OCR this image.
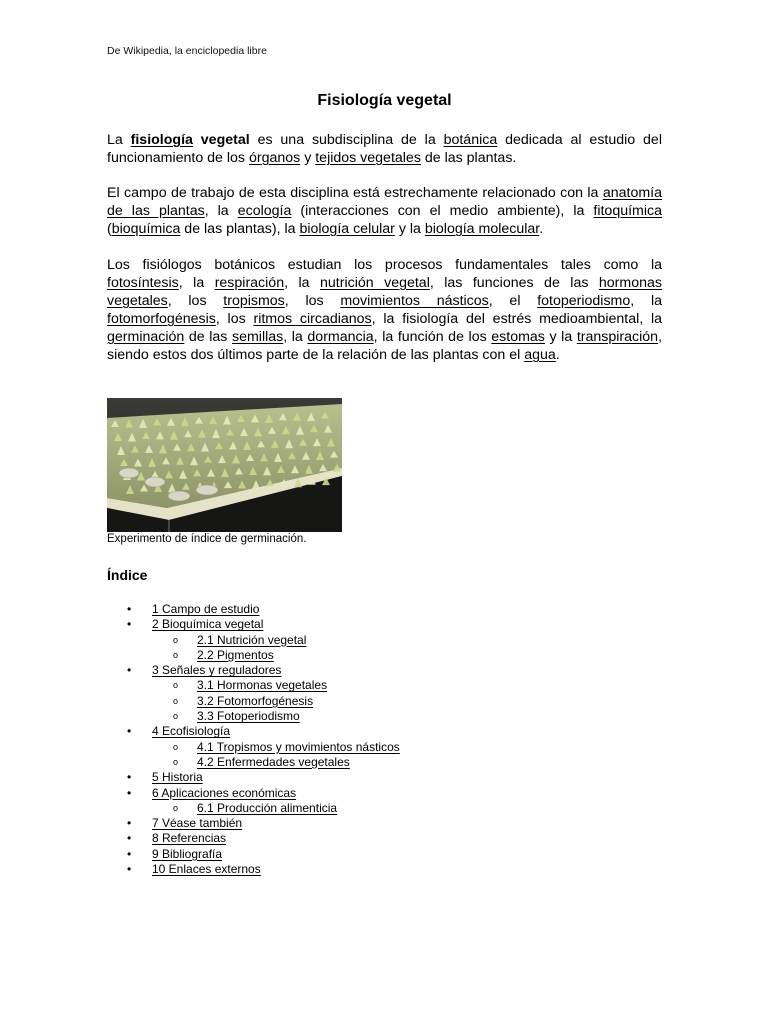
De Wikipedia, la enciclopedia libre
Fisiología vegetal

La fisiología vegetal es una subdisciplina de la botánica dedicada al estudio del funcionamiento de los órganos y tejidos vegetales de las plantas.

El campo de trabajo de esta disciplina está estrechamente relacionado con la anatomía de las plantas, la ecología (interacciones con el medio ambiente), la fitoquímica (bioquímica de las plantas), la biología celular y la biología molecular.

Los fisiólogos botánicos estudian los procesos fundamentales tales como la fotosíntesis, la respiración, la nutrición vegetal, las funciones de las hormonas vegetales, los tropismos, los movimientos násticos, el fotoperiodismo, la fotomorfogénesis, los ritmos circadianos, la fisiología del estrés medioambiental, la germinación de las semillas, la dormancia, la función de los estomas y la transpiración, siendo estos dos últimos parte de la relación de las plantas con el agua.

Experimento de índice de germinación.
Índice
• 1 Campo de estudio
• 2 Bioquímica vegetal
o 2.1 Nutrición vegetal
o 2.2 Pigmentos
• 3 Señales y reguladores
o 3.1 Hormonas vegetales
o 3.2 Fotomorfogénesis
o 3.3 Fotoperiodismo
• 4 Ecofisiología
o 4.1 Tropismos y movimientos násticos
o 4.2 Enfermedades vegetales
• 5 Historia
• 6 Aplicaciones económicas
o 6.1 Producción alimenticia
• 7 Véase también
• 8 Referencias
• 9 Bibliografía
• 10 Enlaces externos
